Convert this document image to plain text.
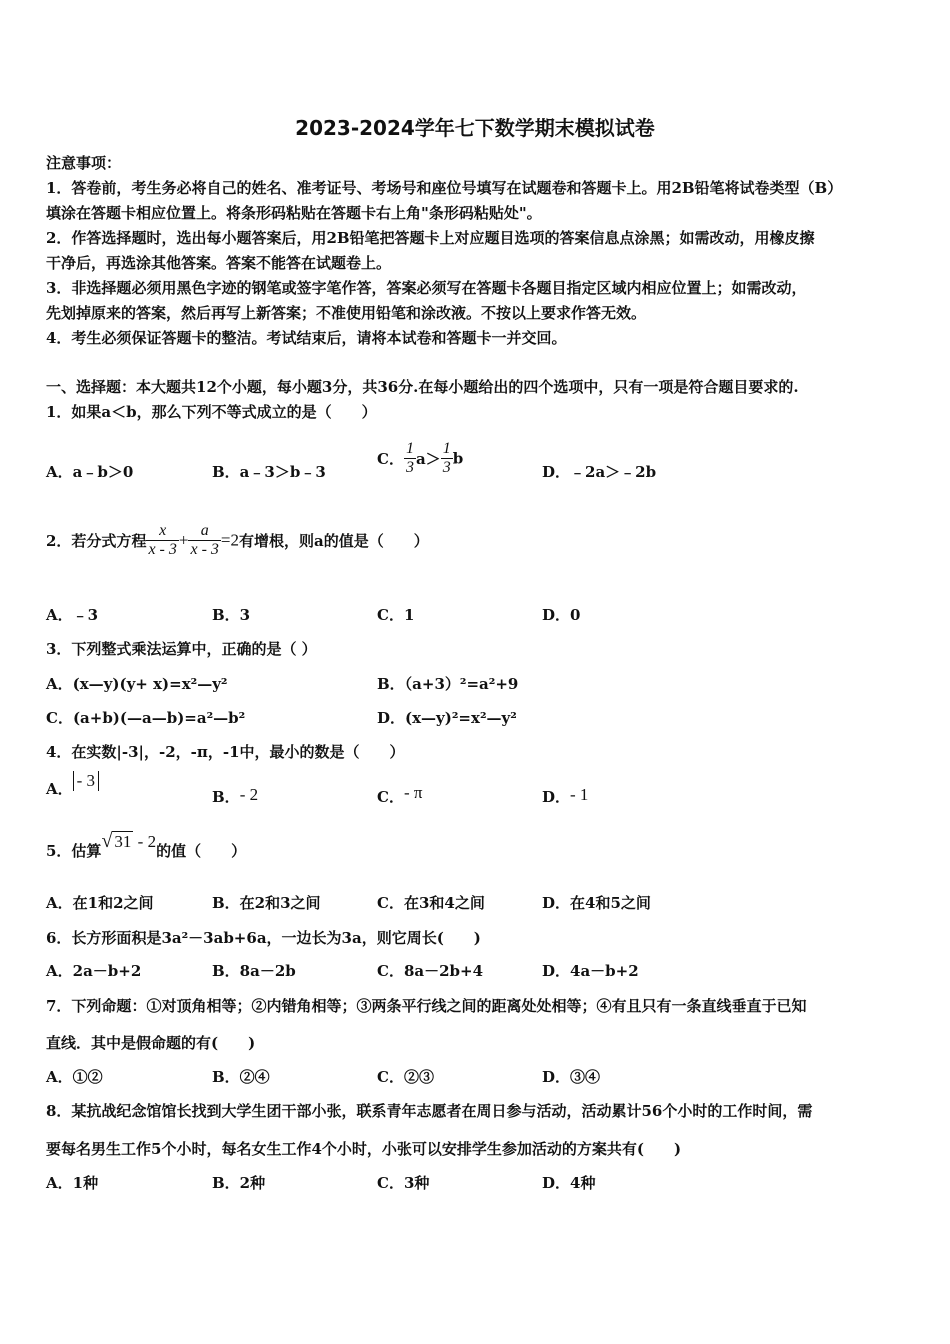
2023-2024学年七下数学期末模拟试卷
注意事项：
1．答卷前，考生务必将自己的姓名、准考证号、考场号和座位号填写在试题卷和答题卡上。用2B铅笔将试卷类型（B）
填涂在答题卡相应位置上。将条形码粘贴在答题卡右上角"条形码粘贴处"。
2．作答选择题时，选出每小题答案后，用2B铅笔把答题卡上对应题目选项的答案信息点涂黑；如需改动，用橡皮擦
干净后，再选涂其他答案。答案不能答在试题卷上。
3．非选择题必须用黑色字迹的钢笔或签字笔作答，答案必须写在答题卡各题目指定区域内相应位置上；如需改动，
先划掉原来的答案，然后再写上新答案；不准使用铅笔和涂改液。不按以上要求作答无效。
4．考生必须保证答题卡的整洁。考试结束后，请将本试卷和答题卡一并交回。
一、选择题：本大题共12个小题，每小题3分，共36分.在每小题给出的四个选项中，只有一项是符合题目要求的.
1．如果a＜b，那么下列不等式成立的是（　　）
A．a﹣b＞0	B．a﹣3＞b﹣3
C． $\frac{1}{3} a> \frac{1}{3}$ b
D．﹣2a＞﹣2b
2．若分式方程 $\frac{x}{x - 3} + \frac{a}{x - 3} =2$有增根，则a的值是（　　）
A．﹣3	B．3	C．1	D．0
3．下列整式乘法运算中，正确的是（ ）
A．(x—y)(y+ x)=x²—y²	B．（a+3）²=a²+9
C．(a+b)(—a—b)=a²—b²	D．(x—y)²=x²—y²
4．在实数|-3|，-2，-π，-1中，最小的数是（　　）
A． - 3
B．- 2	C．- π	D．- 1
5．估算√ 31 - 2的值（　　）
A．在1和2之间	B．在2和3之间	C．在3和4之间	D．在4和5之间
6．长方形面积是3a²－3ab+6a，一边长为3a，则它周长(　　)
A．2a－b+2	B．8a－2b	C．8a－2b+4	D．4a－b+2
7．下列命题：①对顶角相等；②内错角相等；③两条平行线之间的距离处处相等；④有且只有一条直线垂直于已知
直线．其中是假命题的有(　　)
A．①②	B．②④	C．②③	D．③④
8．某抗战纪念馆馆长找到大学生团干部小张，联系青年志愿者在周日参与活动，活动累计56个小时的工作时间，需
要每名男生工作5个小时，每名女生工作4个小时，小张可以安排学生参加活动的方案共有(　　)
A．1种	B．2种	C．3种	D．4种
